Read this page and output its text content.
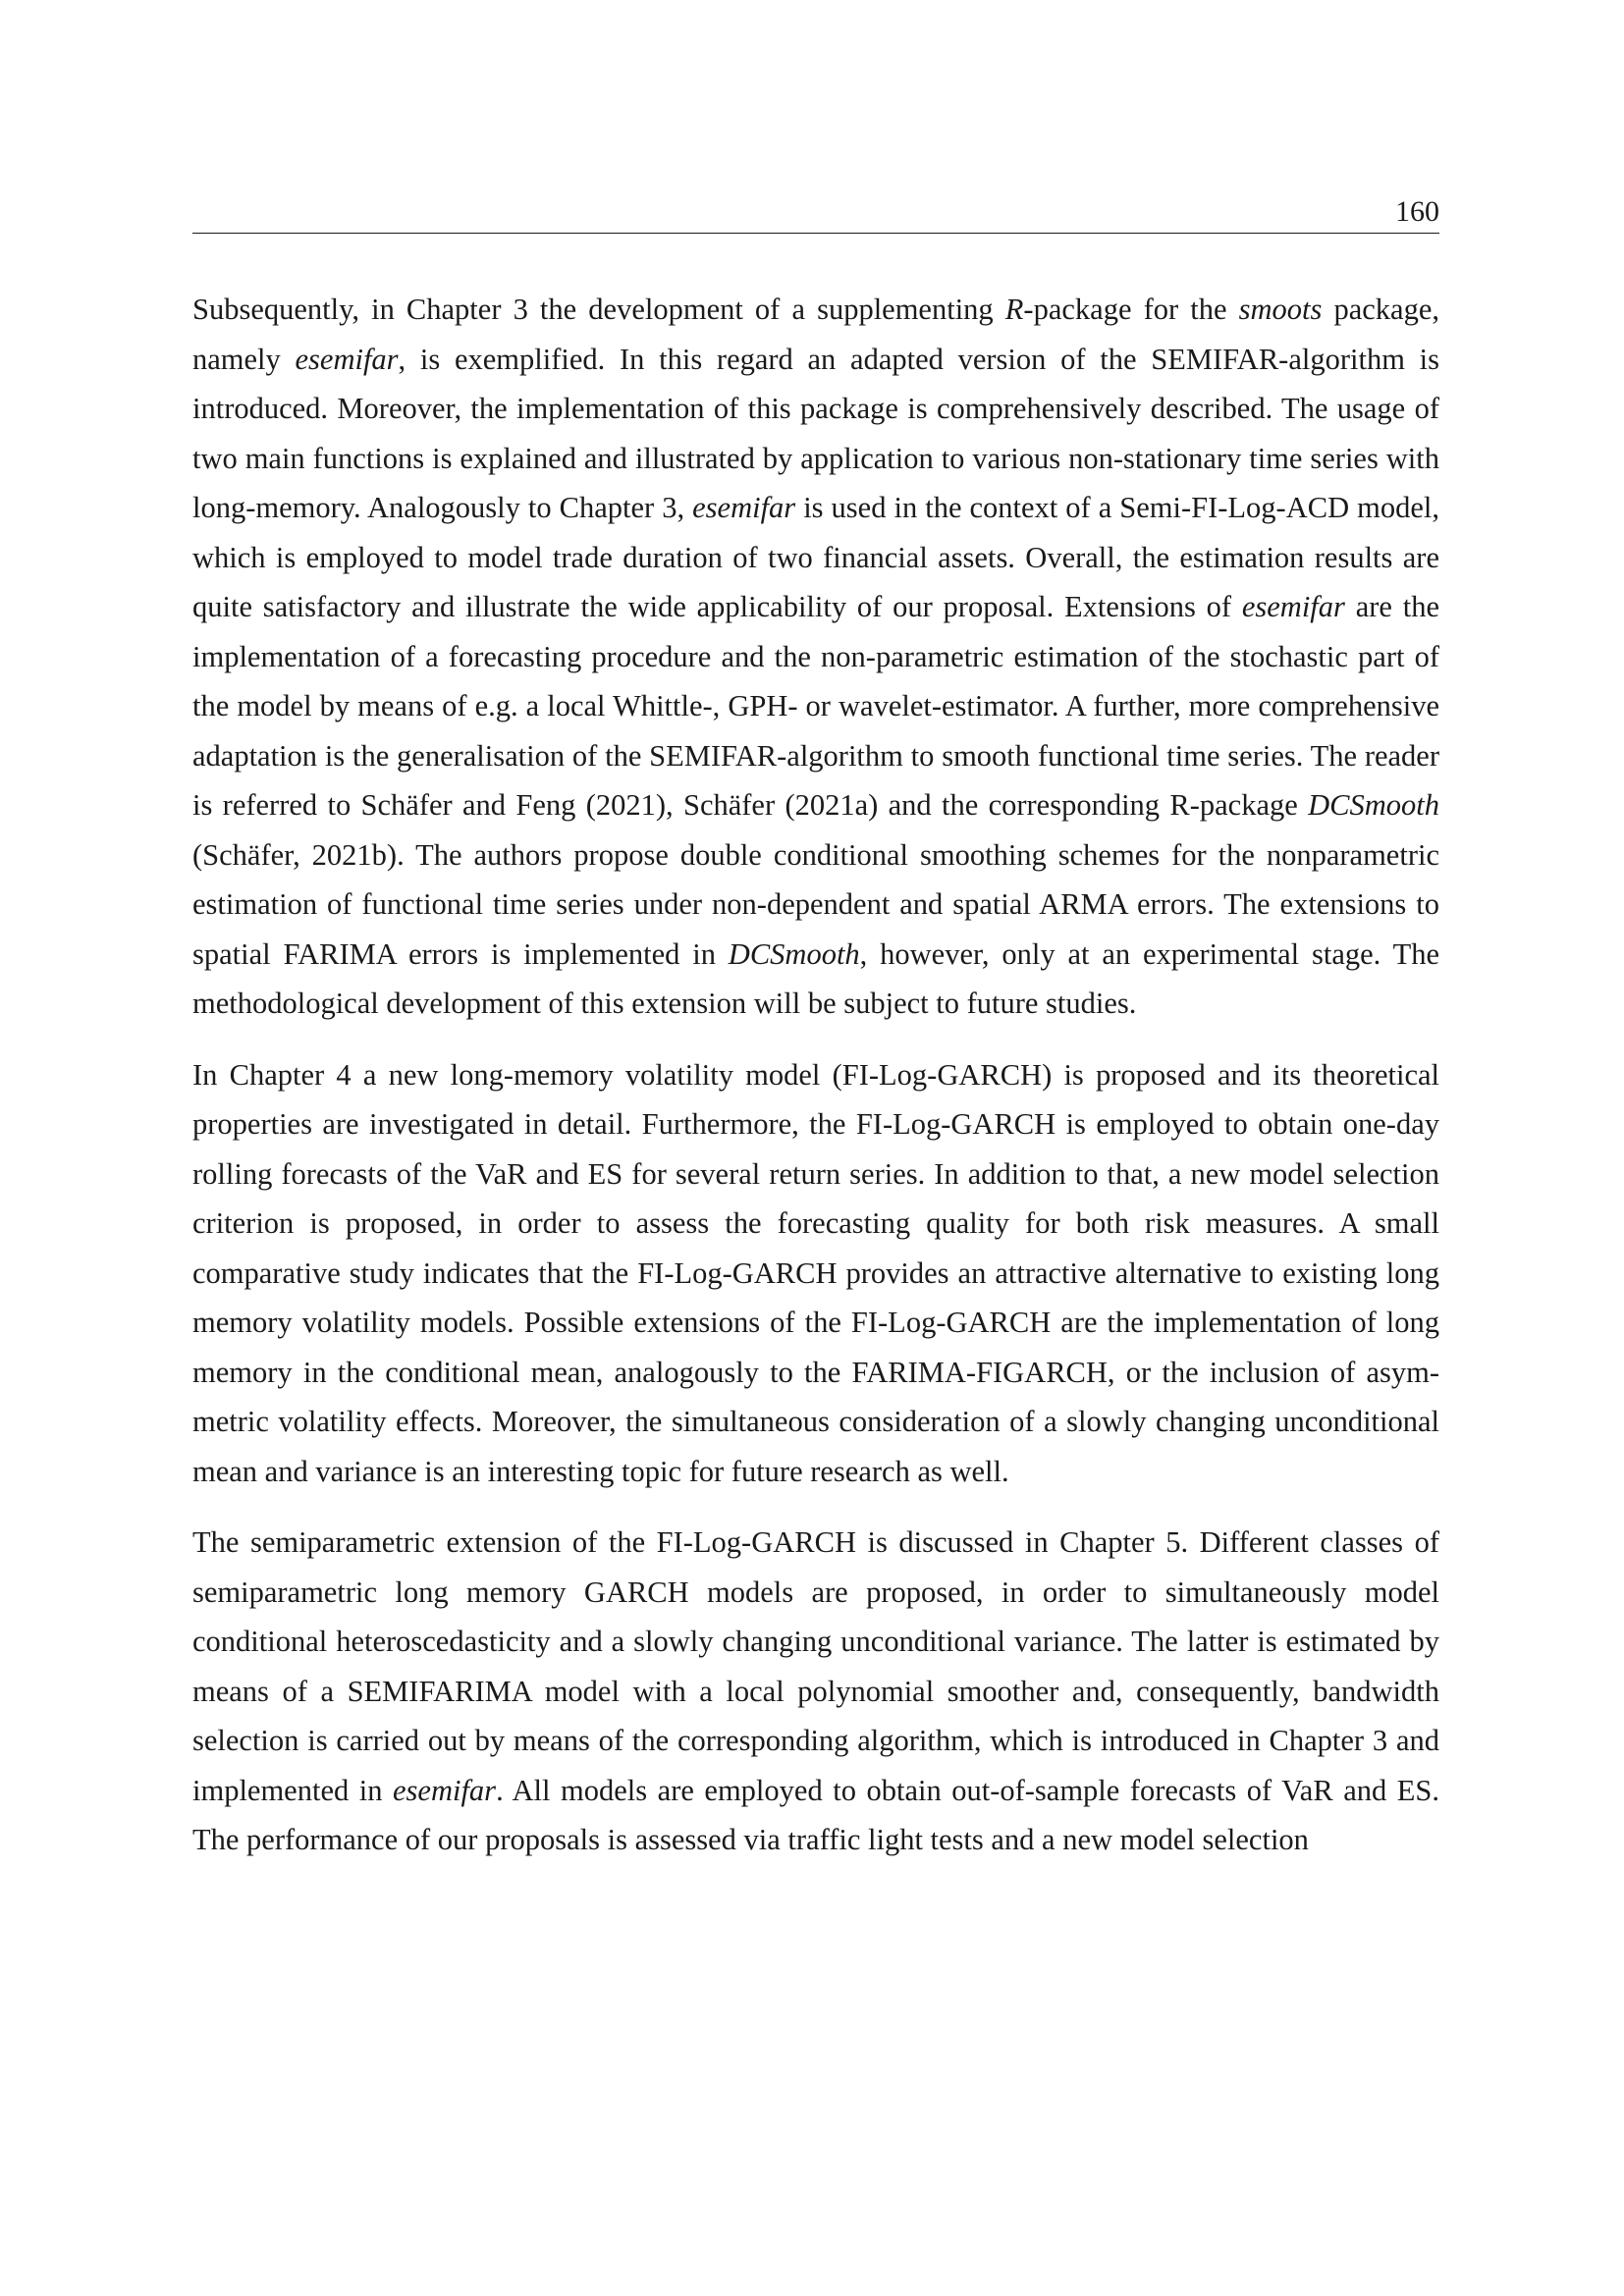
160

Subsequently, in Chapter 3 the development of a supplementing R-package for the smoots package, namely esemifar, is exemplified. In this regard an adapted version of the SEMIFAR-algorithm is introduced. Moreover, the implementation of this package is comprehensively described. The usage of two main functions is explained and illustrated by application to various non-stationary time series with long-memory. Analogously to Chapter 3, esemifar is used in the context of a Semi-FI-Log-ACD model, which is employed to model trade duration of two financial assets. Overall, the estimation results are quite satisfactory and illustrate the wide applicability of our proposal. Extensions of esemifar are the implementation of a forecasting procedure and the non-parametric estimation of the stochastic part of the model by means of e.g. a local Whittle-, GPH- or wavelet-estimator. A further, more comprehensive adaptation is the generalisation of the SEMIFAR-algorithm to smooth functional time series. The reader is referred to Schäfer and Feng (2021), Schäfer (2021a) and the corresponding R-package DCSmooth (Schäfer, 2021b). The authors propose double conditional smoothing schemes for the nonparametric estimation of functional time series under non-dependent and spatial ARMA errors. The extensions to spatial FARIMA errors is implemented in DCSmooth, however, only at an experimental stage. The methodological development of this extension will be subject to future studies.

In Chapter 4 a new long-memory volatility model (FI-Log-GARCH) is proposed and its theoretical properties are investigated in detail. Furthermore, the FI-Log-GARCH is employed to obtain one-day rolling forecasts of the VaR and ES for several return series. In addition to that, a new model selection criterion is proposed, in order to assess the forecasting quality for both risk measures. A small comparative study indicates that the FI-Log-GARCH provides an attractive alternative to existing long memory volatility models. Possible extensions of the FI-Log-GARCH are the implementation of long memory in the conditional mean, analogously to the FARIMA-FIGARCH, or the inclusion of asymmetric volatility effects. Moreover, the simultaneous consideration of a slowly changing unconditional mean and variance is an interesting topic for future research as well.

The semiparametric extension of the FI-Log-GARCH is discussed in Chapter 5. Different classes of semiparametric long memory GARCH models are proposed, in order to simultaneously model conditional heteroscedasticity and a slowly changing unconditional variance. The latter is estimated by means of a SEMIFARIMA model with a local polynomial smoother and, consequently, bandwidth selection is carried out by means of the corresponding algorithm, which is introduced in Chapter 3 and implemented in esemifar. All models are employed to obtain out-of-sample forecasts of VaR and ES. The performance of our proposals is assessed via traffic light tests and a new model selection
